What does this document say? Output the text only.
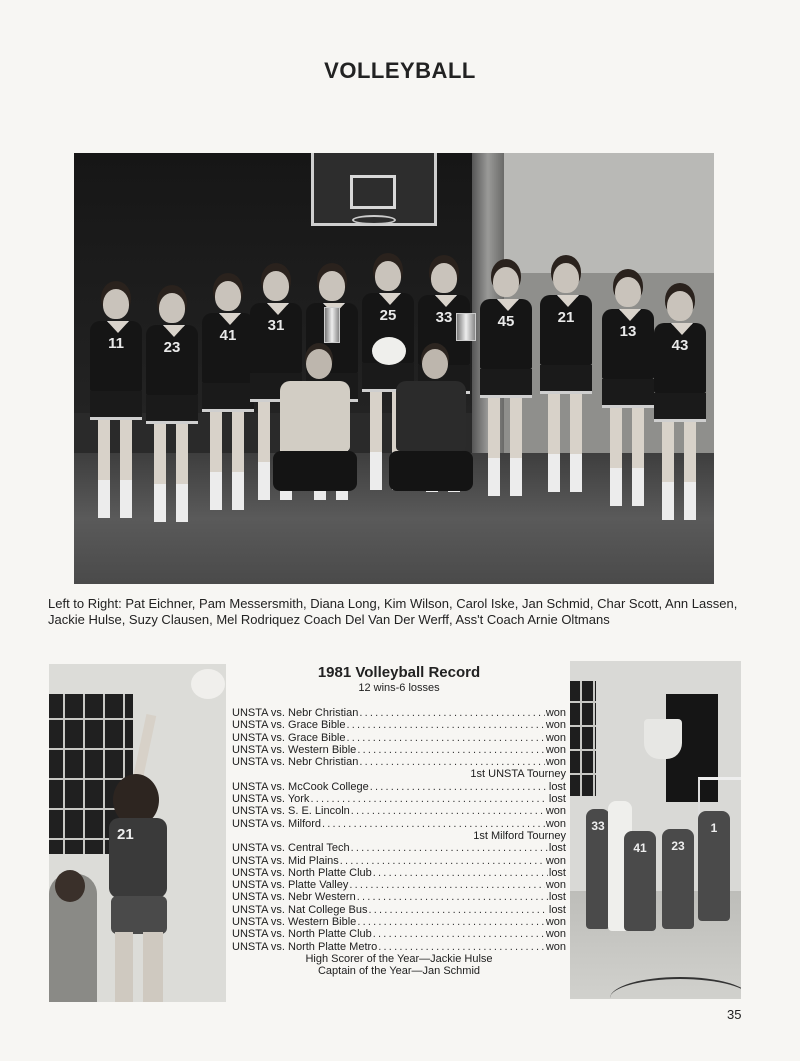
VOLLEYBALL
11	23
41
31
25	33	45	21
13
43
Left to Right: Pat Eichner, Pam Messersmith, Diana Long, Kim Wilson, Carol Iske, Jan Schmid, Char Scott, Ann Lassen, Jackie Hulse, Suzy Clausen, Mel Rodriquez Coach Del Van Der Werff, Ass't Coach Arnie Oltmans
21
1981 Volleyball Record
12 wins-6 losses
UNSTA vs. Nebr Christian .....	won
UNSTA vs. Grace Bible .....	won
UNSTA vs. Grace Bible .....	won
UNSTA vs. Western Bible .....	won
UNSTA vs. Nebr Christian .....	won
1st UNSTA Tourney
UNSTA vs. McCook College .....	lost
UNSTA vs. York .....	lost
UNSTA vs. S. E. Lincoln .....	won
UNSTA vs. Milford .....	won
1st Milford Tourney
UNSTA vs. Central Tech .....	lost
UNSTA vs. Mid Plains .....	won
UNSTA vs. North Platte Club .....	lost
UNSTA vs. Platte Valley .....	won
UNSTA vs. Nebr Western .....	lost
UNSTA vs. Nat College Bus .....	lost
UNSTA vs. Western Bible .....	won
UNSTA vs. North Platte Club .....	won
UNSTA vs. North Platte Metro .....	won
High Scorer of the Year—Jackie Hulse
Captain of the Year—Jan Schmid
33
41	23
1
35
